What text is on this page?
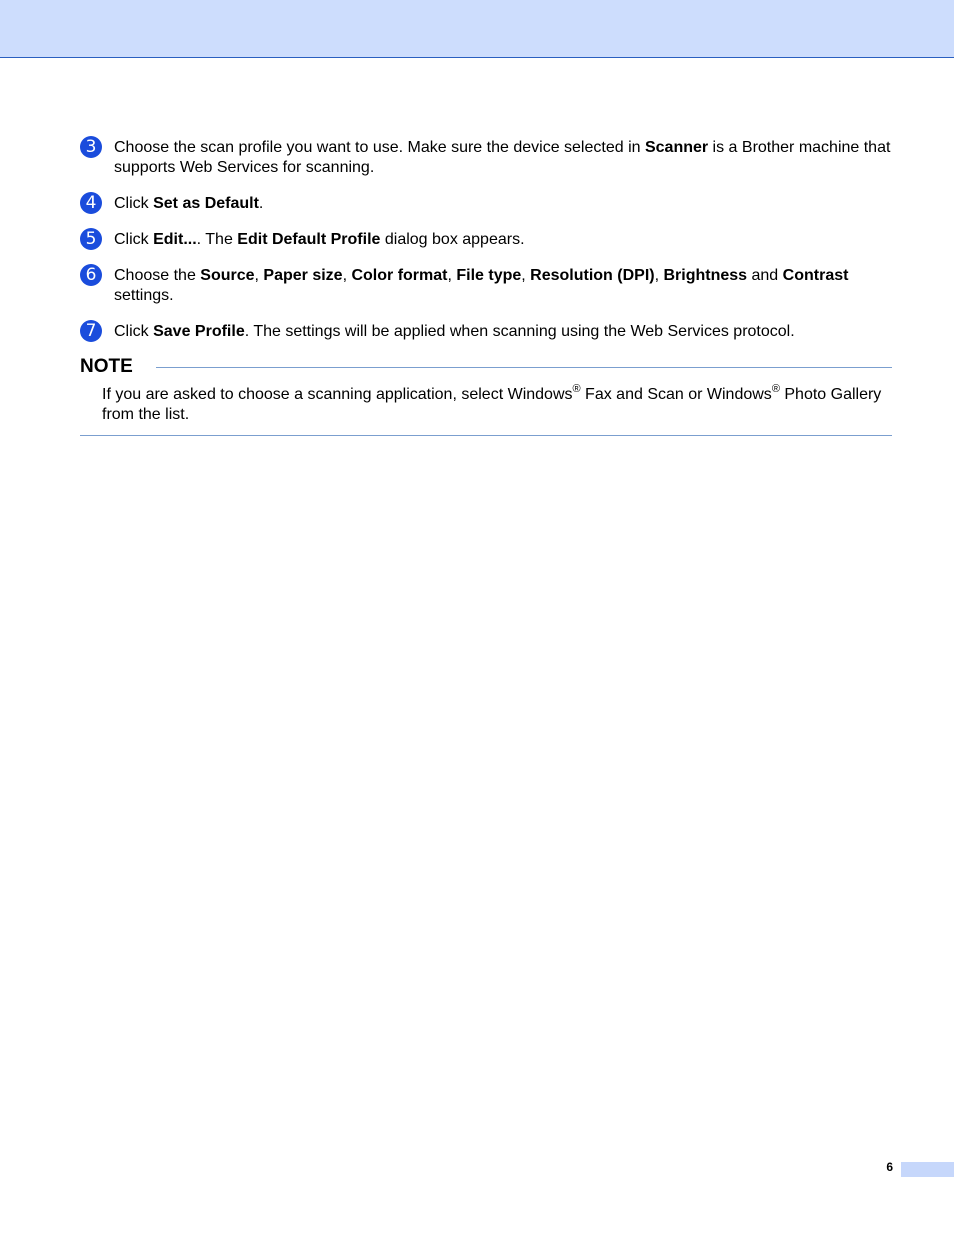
3	Choose the scan profile you want to use. Make sure the device selected in Scanner is a Brother machine that supports Web Services for scanning.
4	Click Set as Default.
5	Click Edit.... The Edit Default Profile dialog box appears.
6	Choose the Source, Paper size, Color format, File type, Resolution (DPI), Brightness and Contrast settings.
7	Click Save Profile. The settings will be applied when scanning using the Web Services protocol.
NOTE
If you are asked to choose a scanning application, select Windows® Fax and Scan or Windows® Photo Gallery from the list.
6
